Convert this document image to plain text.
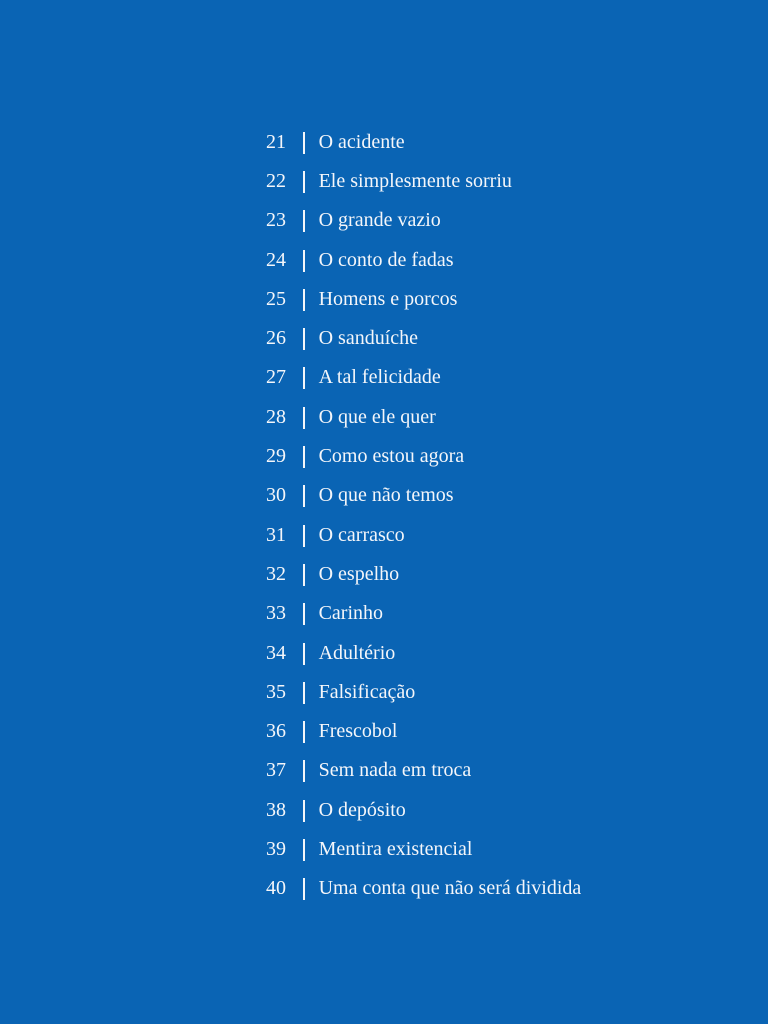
21 O acidente
22 Ele simplesmente sorriu
23 O grande vazio
24 O conto de fadas
25 Homens e porcos
26 O sanduíche
27 A tal felicidade
28 O que ele quer
29 Como estou agora
30 O que não temos
31 O carrasco
32 O espelho
33 Carinho
34 Adultério
35 Falsificação
36 Frescobol
37 Sem nada em troca
38 O depósito
39 Mentira existencial
40 Uma conta que não será dividida
